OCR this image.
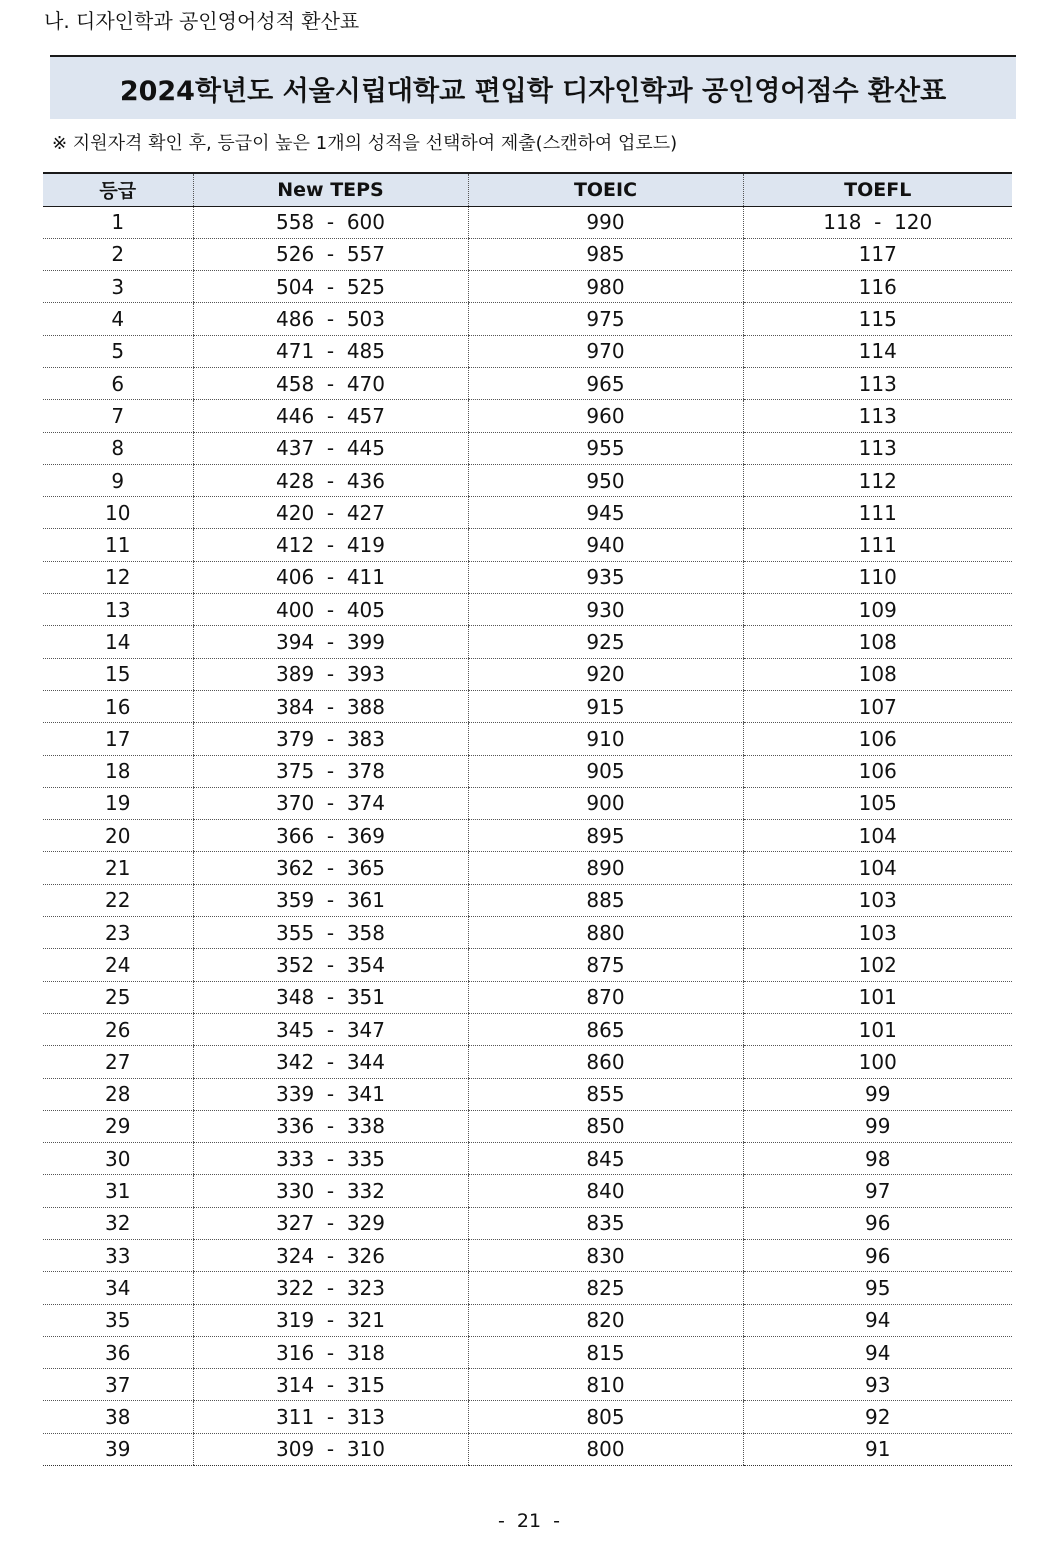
나. 디자인학과 공인영어성적 환산표
2024학년도 서울시립대학교 편입학 디자인학과 공인영어점수 환산표
※ 지원자격 확인 후, 등급이 높은 1개의 성적을 선택하여 제출(스캔하여 업로드)
등급	New TEPS	TOEIC	TOEFL
1	558  -  600	990	118  -  120
2	526  -  557	985	117
3	504  -  525	980	116
4	486  -  503	975	115
5	471  -  485	970	114
6	458  -  470	965	113
7	446  -  457	960	113
8	437  -  445	955	113
9	428  -  436	950	112
10	420  -  427	945	111
11	412  -  419	940	111
12	406  -  411	935	110
13	400  -  405	930	109
14	394  -  399	925	108
15	389  -  393	920	108
16	384  -  388	915	107
17	379  -  383	910	106
18	375  -  378	905	106
19	370  -  374	900	105
20	366  -  369	895	104
21	362  -  365	890	104
22	359  -  361	885	103
23	355  -  358	880	103
24	352  -  354	875	102
25	348  -  351	870	101
26	345  -  347	865	101
27	342  -  344	860	100
28	339  -  341	855	99
29	336  -  338	850	99
30	333  -  335	845	98
31	330  -  332	840	97
32	327  -  329	835	96
33	324  -  326	830	96
34	322  -  323	825	95
35	319  -  321	820	94
36	316  -  318	815	94
37	314  -  315	810	93
38	311  -  313	805	92
39	309  -  310	800	91
-  21  -
